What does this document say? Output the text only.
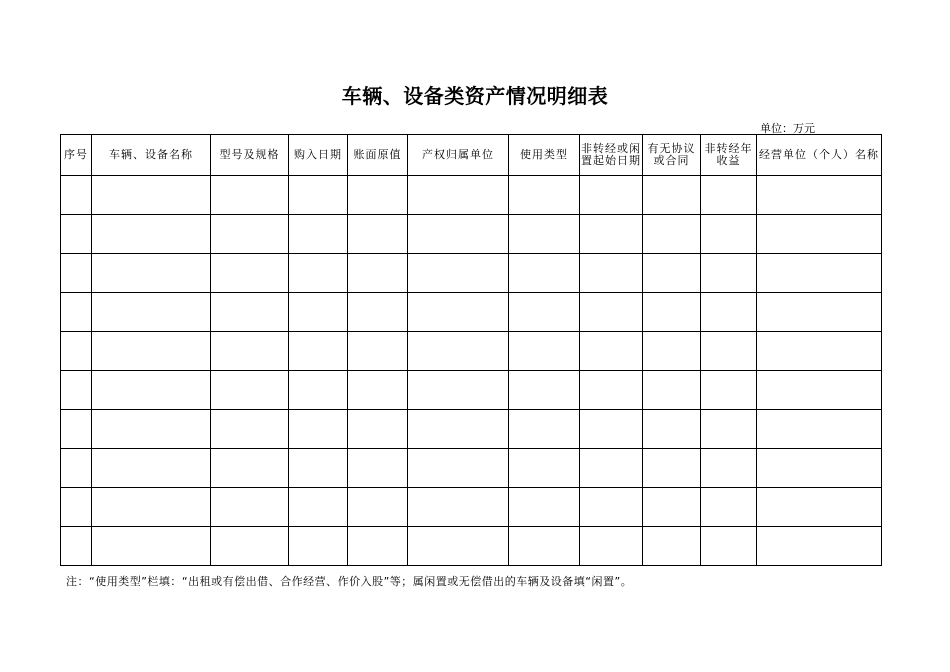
车辆、设备类资产情况明细表
单位：万元
序号	车辆、设备名称	型号及规格	购入日期	账面原值	产权归属单位	使用类型	非转经或闲置起始日期	有无协议或合同	非转经年收益	经营单位（个人）名称

注：“使用类型”栏填：“出租或有偿出借、合作经营、作价入股”等；属闲置或无偿借出的车辆及设备填“闲置”。
